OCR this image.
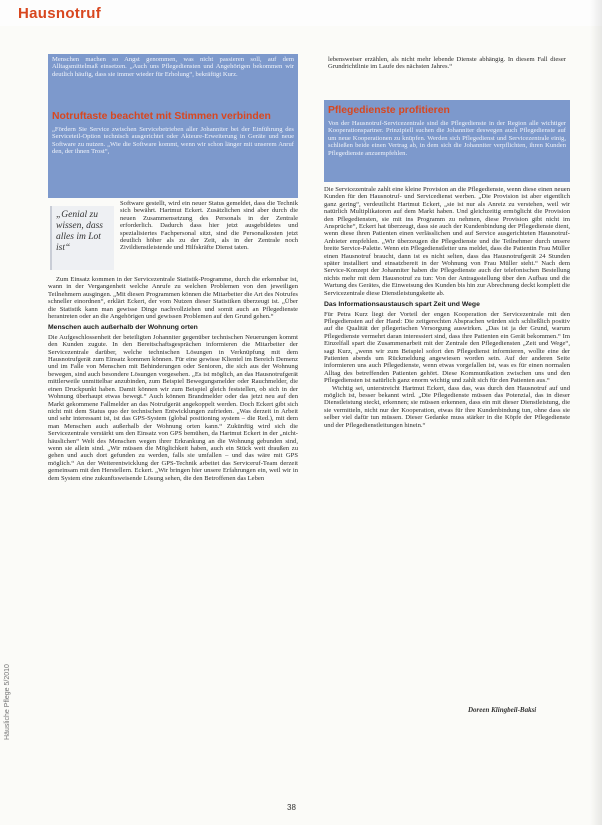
Hausnotruf
Menschen machen so Angst genommen, was nicht passieren soll, auf dem Alltagsmittelmaß einsetzen. „Auch uns Pflegediensten und Angehörigen bekommen wir deutlich häufig, dass sie immer wieder für Erholung“, bekräftigt Kurz.

lebensweiser erzählen, als nicht mehr lebende Dienste abhängig. In diesem Fall dieser Grundrichtlinie im Laufe des nächsten Jahres.“

Notruftaste beachtet mit Stimmen verbinden
„Fördern Sie Service zwischen Servicebetrieben aller Johanniter bei der Einführung des Serviceteil-Option technisch ausgerichtet oder Akteure-Erweiterung in Geräte und neue Software zu nutzen. „Wie die Software kommt, wenn wir schon länger mit unserem Anruf den, der ihnen Trost“,
„Genial zu wissen, dass alles im Lot ist“

Software gestellt, wird ein neuer Status gemeldet, dass die Technik sich bewährt. Hartmut Eckert. Zusätzlichen sind aber durch die neuen Zusammensetzung des Personals in der Zentrale erforderlich. Dadurch dass hier jetzt ausgebildetes und spezialisiertes Fachpersonal sitzt, sind die Personalkosten jetzt deutlich höher als zu der Zeit, als in der Zentrale noch Zivildienstleistende und Hilfskräfte Dienst taten.

Zum Einsatz kommen in der Servicezentrale Statistik-Programme, durch die erkennbar ist, wann in der Vergangenheit welche Anrufe zu welchen Problemen von den jeweiligen Teilnehmern ausgingen. „Mit diesen Programmen können die Mitarbeiter die Art des Notrufes schneller einordnen“, erklärt Eckert, der vom Nutzen dieser Statistiken überzeugt ist. „Über die Statistik kann man gewisse Dinge nachvollziehen und somit auch an Pflegedienste herantreten oder an die Angehörigen und gewissen Problemen auf den Grund gehen.“

Menschen auch außerhalb der Wohnung orten

Die Aufgeschlossenheit der beteiligten Johanniter gegenüber technischen Neuerungen kommt den Kunden zugute. In den Bereitschaftsgesprächen informieren die Mitarbeiter der Servicezentrale darüber, welche technischen Lösungen in Verknüpfung mit dem Hausnotrufgerät zum Einsatz kommen können. Für eine gewisse Klientel im Bereich Demenz und im Falle von Menschen mit Behinderungen oder Senioren, die sich aus der Wohnung bewegen, sind auch besondere Lösungen vorgesehen. „Es ist möglich, an das Hausnotrufgerät mittlerweile unmittelbar anzubinden, zum Beispiel Bewegungsmelder oder Rauchmelder, die einen Druckpunkt haben. Damit können wir zum Beispiel gleich feststellen, ob sich in der Wohnung überhaupt etwas bewegt.“ Auch können Brandmelder oder das jetzt neu auf den Markt gekommene Fallmelder an das Notrufgerät angekoppelt werden. Doch Eckert gibt sich nicht mit dem Status quo der technischen Entwicklungen zufrieden. „Was derzeit in Arbeit und sehr interessant ist, ist das GPS-System (global positioning system – die Red.), mit dem man Menschen auch außerhalb der Wohnung orten kann.“ Zukünftig wird sich die Servicezentrale verstärkt um den Einsatz von GPS bemühen, da Hartmut Eckert in der „nicht-häuslichen“ Welt des Menschen wegen ihrer Erkrankung an die Wohnung gebunden sind, wenn sie allein sind. „Wir müssen die Möglichkeit haben, auch ein Stück weit draußen zu gehen und auch dort gefunden zu werden, falls sie umfallen – und das wäre mit GPS möglich.“ An der Weiterentwicklung der GPS-Technik arbeitet das Serviceruf-Team derzeit gemeinsam mit den Herstellern. Eckert. „Wir bringen hier unsere Erfahrungen ein, weil wir in dem System eine zukunftsweisende Lösung sehen, die den Betroffenen das Leben

Pflegedienste profitieren
Von der Hausnotruf-Servicezentrale sind die Pflegedienste in der Region alle wichtiger Kooperationspartner. Prinzipiell suchen die Johanniter deswegen auch Pflegedienste auf um neue Kooperationen zu knüpfen. Werden sich Pflegedienst und Servicezentrale einig, schließen beide einen Vertrag ab, in dem sich die Johanniter verpflichten, ihren Kunden Pflegedienste anzuempfehlen.

Die Servicezentrale zahlt eine kleine Provision an die Pflegedienste, wenn diese einen neuen Kunden für den Hausnotruf- und Servicedienst werben. „Die Provision ist aber eigentlich ganz gering“, verdeutlicht Hartmut Eckert, „sie ist nur als Anreiz zu verstehen, weil wir natürlich Multiplikatoren auf dem Markt haben. Und gleichzeitig ermöglicht die Provision den Pflegediensten, sie mit ins Programm zu nehmen, diese Provision gibt nicht im Ansprüche“, Eckert hat überzeugt, dass sie auch der Kundenbindung der Pflegedienste dient, wenn diese ihren Patienten einen verlässlichen und auf Service ausgerichteten Hausnotruf-Anbieter empfehlen. „Wir überzeugen die Pflegedienste und die Teilnehmer durch unsere breite Service-Palette. Wenn ein Pflegedienstleiter uns meldet, dass die Patientin Frau Müller einen Hausnotruf braucht, dann ist es nicht selten, dass das Hausnotrufgerät 24 Stunden später installiert und einsatzbereit in der Wohnung von Frau Müller steht.“ Nach dem Service-Konzept der Johanniter haben die Pflegedienste auch der telefonischen Bestellung nichts mehr mit dem Hausnotruf zu tun: Von der Antragsstellung über den Aufbau und die Wartung des Gerätes, die Einweisung des Kunden bis hin zur Abrechnung deckt komplett die Servicezentrale diese Dienstleistungskette ab.

Das Informationsaustausch spart Zeit und Wege

Für Petra Kurz liegt der Vorteil der engen Kooperation der Servicezentrale mit den Pflegediensten auf der Hand: Die zeitgerechten Absprachen würden sich schließlich positiv auf die Qualität der pflegerischen Versorgung auswirken. „Das ist ja der Grund, warum Pflegedienste vermehrt daran interessiert sind, dass ihre Patienten ein Gerät bekommen.“ Im Einzelfall spart die Zusammenarbeit mit der Zentrale den Pflegediensten „Zeit und Wege“, sagt Kurz, „wenn wir zum Beispiel sofort den Pflegedienst informieren, wollte eine der Patienten abends um Rückmeldung angewiesen worden sein. Auf der anderen Seite informieren uns auch Pflegedienste, wenn etwas vorgefallen ist, was es für einen normalen Alltag des betreffenden Patienten gehört. Diese Kommunikation zwischen uns und den Pflegediensten ist natürlich ganz enorm wichtig und zahlt sich für den Patienten aus.“

Wichtig sei, unterstreicht Hartmut Eckert, dass das, was durch den Hausnotruf auf und möglich ist, besser bekannt wird. „Die Pflegedienste müssen das Potenzial, das in dieser Dienstleistung steckt, erkennen; sie müssen erkennen, dass ein mit dieser Dienstleistung, die sie vermitteln, nicht nur der Kooperation, etwas für ihre Kundenbindung tun, ohne dass sie selber viel dafür tun müssen. Dieser Gedanke muss stärker in die Köpfe der Pflegedienste und der Pflegedienstleitungen hinein.“

Doreen Klingbeil-Baksi
Häusliche Pflege 5/2010
38
